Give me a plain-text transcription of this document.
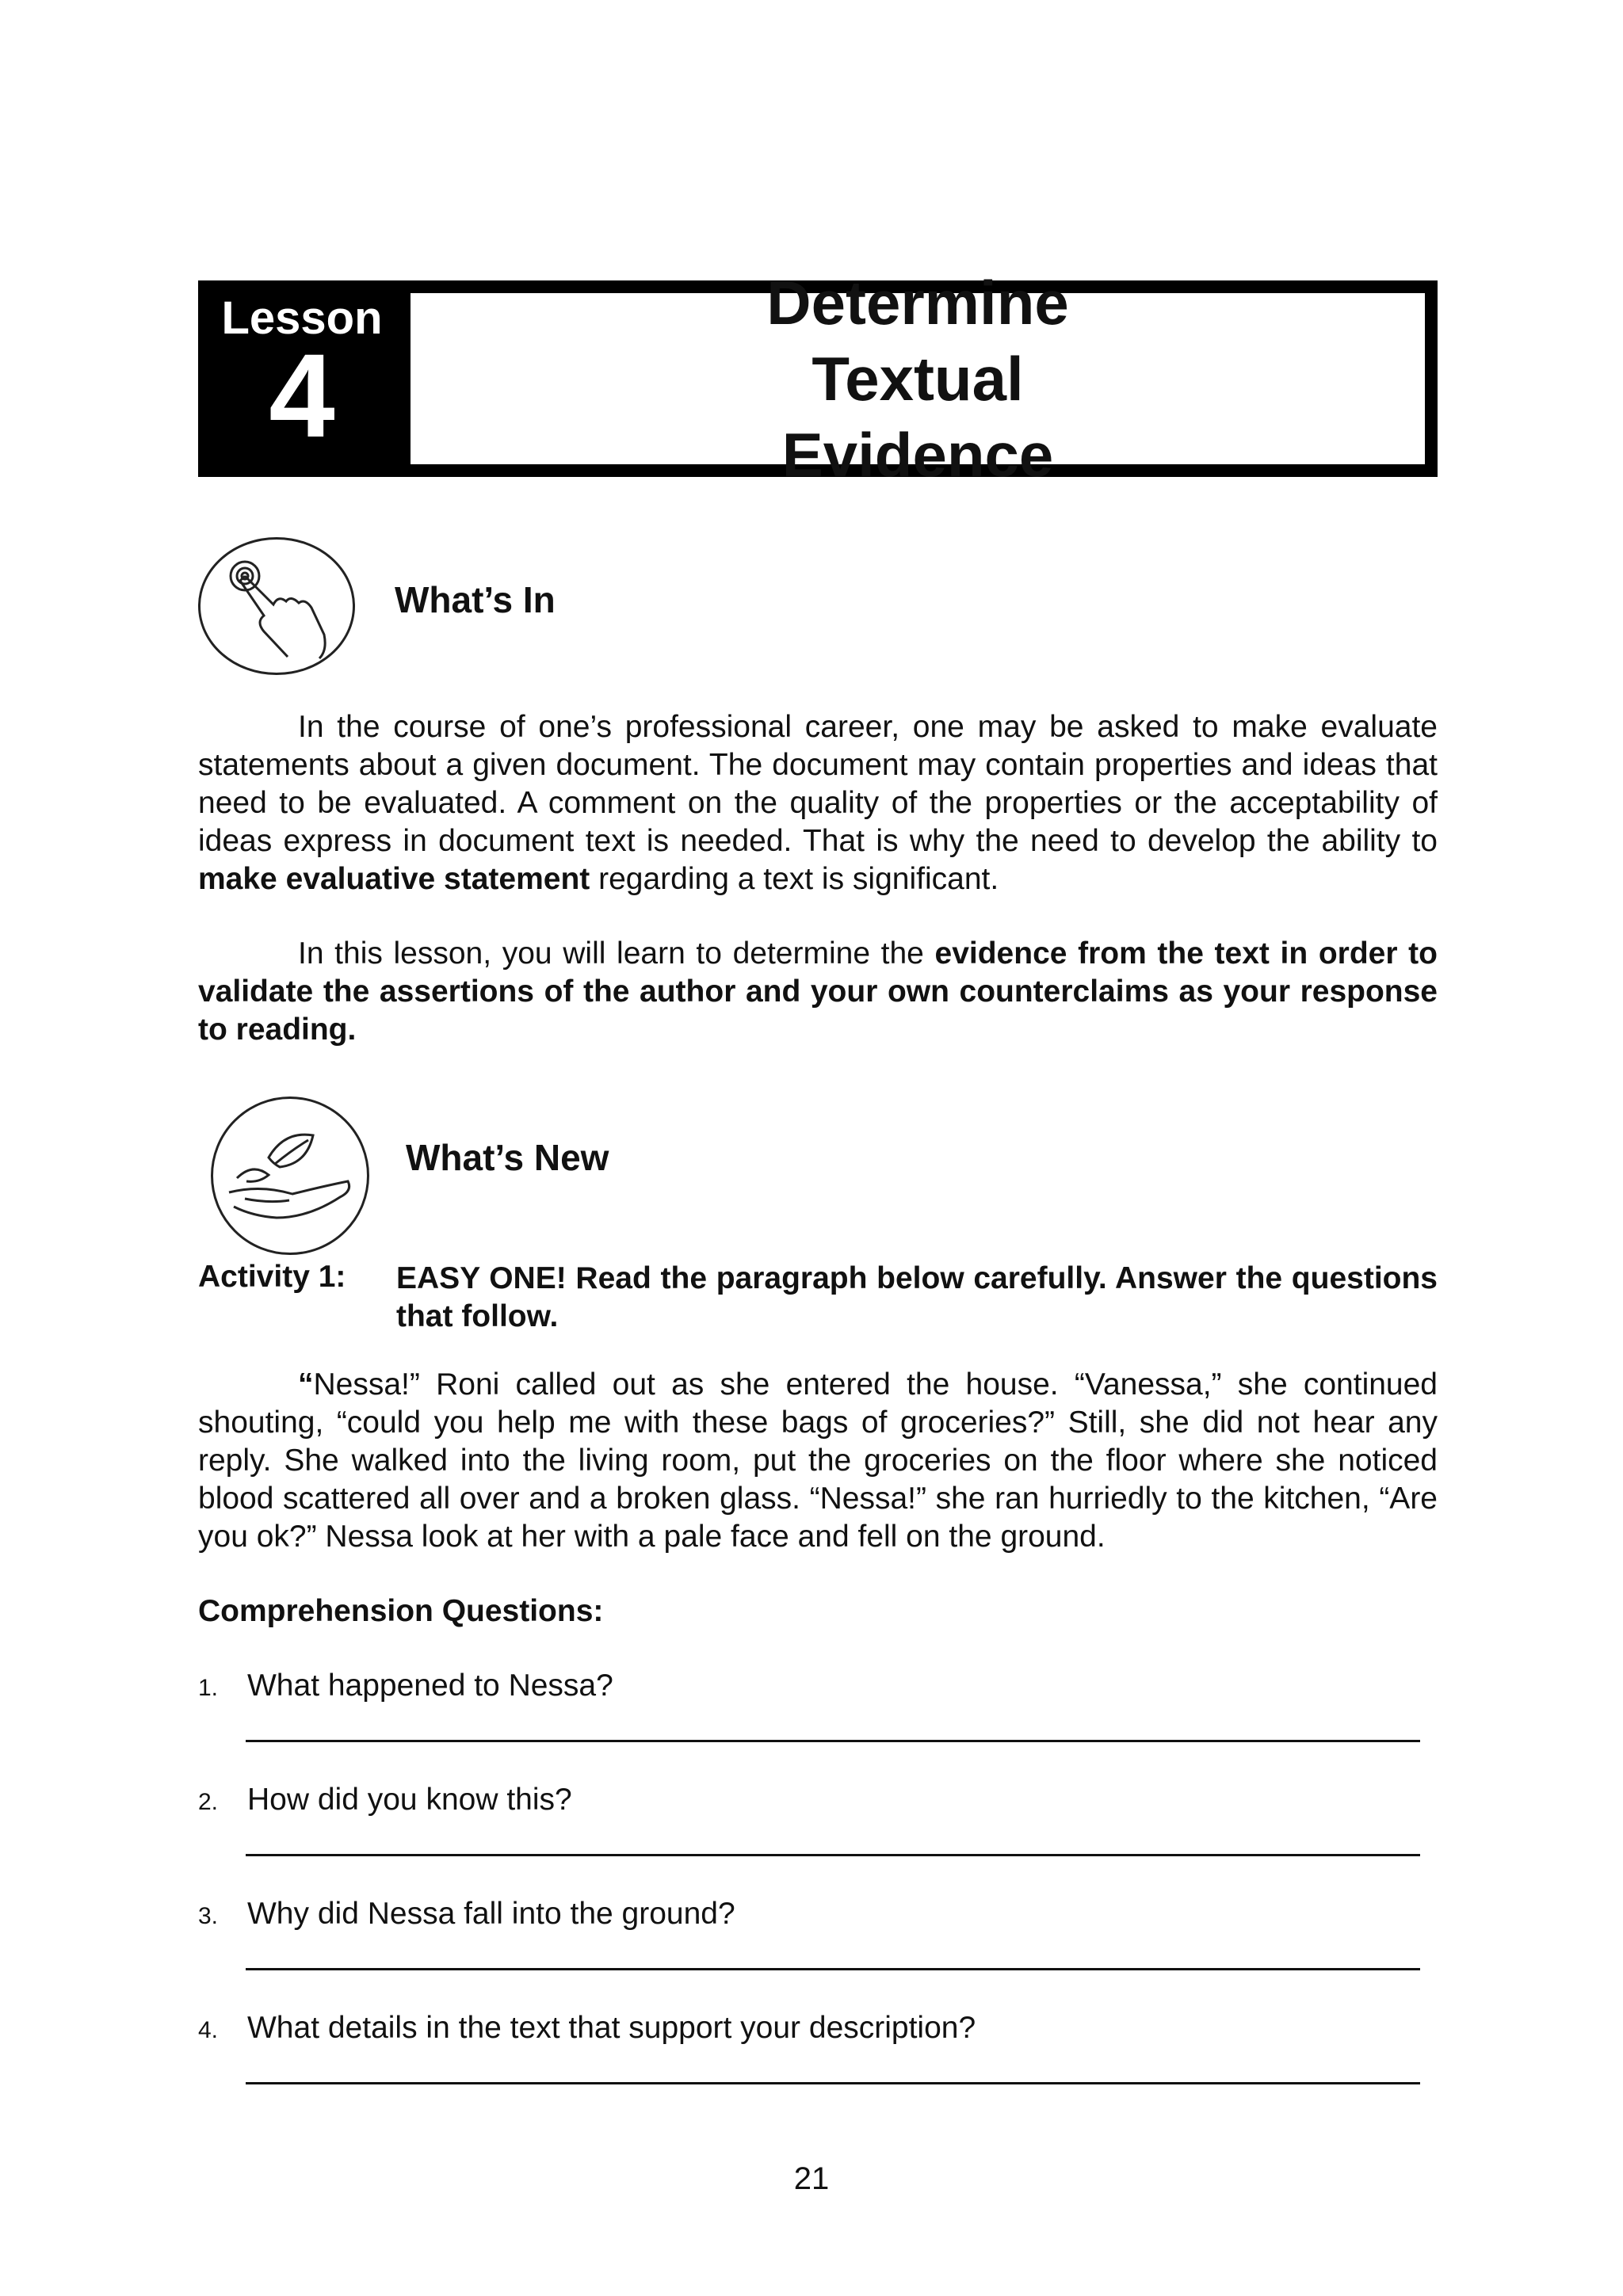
Lesson
4
Determine Textual Evidence
What’s In

In the course of one’s professional career, one may be asked to make evaluate statements about a given document. The document may contain properties and ideas that need to be evaluated. A comment on the quality of the properties or the acceptability of ideas express in document text is needed. That is why the need to develop the ability to make evaluative statement regarding a text is significant.

In this lesson, you will learn to determine the evidence from the text in order to validate the assertions of the author and your own counterclaims as your response to reading.

What’s New
Activity 1: EASY ONE! Read the paragraph below carefully. Answer the questions that follow.

“Nessa!” Roni called out as she entered the house. “Vanessa,” she continued shouting, “could you help me with these bags of groceries?” Still, she did not hear any reply. She walked into the living room, put the groceries on the floor where she noticed blood scattered all over and a broken glass. “Nessa!” she ran hurriedly to the kitchen, “Are you ok?” Nessa look at her with a pale face and fell on the ground.

Comprehension Questions:
1. What happened to Nessa?
2. How did you know this?
3. Why did Nessa fall into the ground?
4. What details in the text that support your description?
21
